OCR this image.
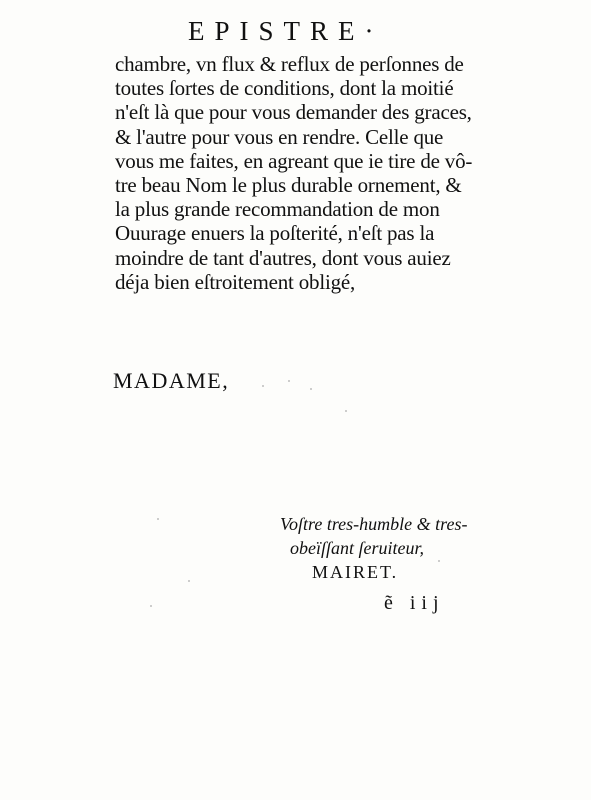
EPISTRE·
chambre, vn flux & reflux de perſonnes de
toutes ſortes de conditions, dont la moitié
n'eſt là que pour vous demander des graces,
& l'autre pour vous en rendre. Celle que
vous me faites, en agreant que ie tire de vô-
tre beau Nom le plus durable ornement, &
la plus grande recommandation de mon
Ouurage enuers la poſterité, n'eſt pas la
moindre de tant d'autres, dont vous auiez
déja bien eſtroitement obligé,
MADAME,
Voſtre tres-humble & tres-
obeïſſant ſeruiteur,
MAIRET.
ẽ iij
